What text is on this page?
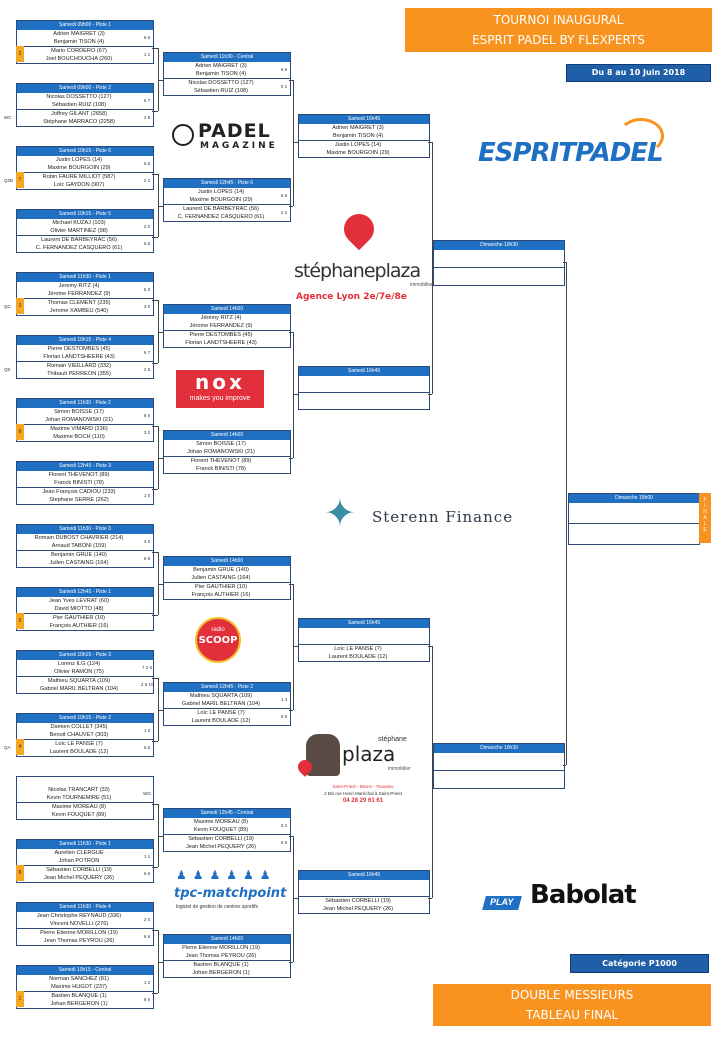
TOURNOI INAUGURAL
ESPRIT PADEL BY FLEXPERTS
Du 8 au 10 Juin 2018
Catégorie P1000
DOUBLE MESSIEURS
TABLEAU FINAL
Samedi 09h00 - Piste 1
Adrien MAIGRET (3)
Benjamin TISON (4)
6 6
Mario CORDERO (67)
Joel BOUCHOUCHA (260)
1 1
2
Samedi 09h00 - Piste 2
Nicolas DOSSETTO (127)
Sébastien RUIZ (108)
6 7
Joffrey GILANT (2658)
Stéphane MARRACO (2258)
2 5
WC
Samedi 10h15 - Piste 6
Justin LOPES (14)
Maxime BOURGOIN (29)
6 6
Robin FAURE MILLIOT (587)
Loïc GAYDON (907)
2 2
7
Q2B
Samedi 10h15 - Piste 5
Michael KUZAJ (103)
Olivier MARTINEZ (98)
2 0
Laurent DE BARBEYRAC (56)
C. FERNANDEZ CASQUERO (61)
6 6
Samedi 11h30 - Piste 1
Jeremy RITZ (4)
Jérome FERRANDEZ (9)
6 3
Thomas CLEMENT (235)
Jerome XAMBEU (540)
3 0
3
QC
Samedi 10h15 - Piste 4
Pierre DESTOMBES (45)
Florian LANDTSHEERE (43)
6 7
Romain VIEILLARD (332)
Thibault PERREON (355)
2 5
Q8
Samedi 11h30 - Piste 2
Simon BOISSE (17)
Johan ROMANOWSKI (21)
6 6
Maxime VIMARD (236)
Maxime BOCH (110)
3 2
6
Samedi 12h45 - Piste 3
Florent THEVENOT (89)
Franck BINISTI (78)
Jean François CADIOU (233)
Stephane SERRE (262)
1 0
Samedi 11h30 - Piste 3
Romain DUBOST CHAVRIER (214)
Arnaud TABONI (159)
4 2
Benjamin GRUE (140)
Julien CASTAING (164)
6 6
Samedi 12h45 - Piste 1
Jean Yves LEVRAT (60)
David MIOTTO (48)
Pier GAUTHIER (10)
François AUTHIER (16)
5
Samedi 10h15 - Piste 3
Lorenz ILG (124)
Olivier RAMON (75)
7 2 6
Mathieu SQUARTA (109)
Gabriel MARIL BELTRAN (104)
2 6 10
Samedi 10h15 - Piste 2
Damien COLLET (345)
Benoit CHAUVET (303)
1 2
Loïc LE PANSE (7)
Laurent BOULADE (12)
6 6
4
QA
Nicolas TRANCART (33)
Kevin TOURNEMIRE (51)
WO
Maxime MOREAU (8)
Kevin FOUQUET (89)
Samedi 11h30 - Piste 1
Aurelien CLERGUE
Johan POTRON
1 1
Sébastien CORBELLI (19)
Jean Michel PEQUERY (26)
6 6
8
Samedi 11h30 - Piste 4
Jean Christophe REYNAUD (336)
Vincent NOVELLI (276)
2 0
Pierre Etienne MORILLON (19)
Jean Thomas PEYROU (26)
6 6
Samedi 10h15 - Central
Norman SANCHEZ (81)
Maxime HUGOT (237)
1 2
Bastien BLANQUE (1)
Johan BERGERON (1)
6 6
1
Samedi 11h30 - Central
Adrien MAIGRET (3)
Benjamin TISON (4)
6 6
Nicolas DOSSETTO (127)
Sébastien RUIZ (108)
0 1
Samedi 12h45 - Piste 6
Justin LOPES (14)
Maxime BOURGOIN (29)
6 6
Laurent DE BARBEYRAC (56)
C. FERNANDEZ CASQUERO (61)
4 2
Samedi 14h00
Jérémy RITZ (4)
Jérome FERRANDEZ (9)
Pierre DESTOMBES (45)
Florian LANDTSHEERE (43)
Samedi 14h00
Simon BOISSE (17)
Johan ROMANOWSKI (21)
Florent THEVENOT (89)
Franck BINISTI (78)
Samedi 14h00
Benjamin GRUE (140)
Julien CASTAING (164)
Pier GAUTHIER (10)
François AUTHIER (16)
Samedi 12h45 - Piste 2
Mathieu SQUARTA (109)
Gabriel MARIL BELTRAN (104)
1 4
Loïc LE PANSE (7)
Laurent BOULADE (12)
6 6
Samedi 12h45 - Central
Maxime MOREAU (8)
Kevin FOUQUET (89)
3 2
Sébastien CORBELLI (19)
Jean Michel PEQUERY (26)
6 6
Samedi 14h00
Pierre Etienne MORILLON (19)
Jean Thomas PEYROU (26)
Bastien BLANQUE (1)
Johan BERGERON (1)
Samedi 16h45
Adrien MAIGRET (3)
Benjamin TISON (4)
Justin LOPES (14)
Maxime BOURGOIN (29)
Samedi 16h45
Samedi 16h45
Loïc LE PANSE (7)
Laurent BOULADE (12)
Samedi 16h45
Sébastien CORBELLI (19)
Jean Michel PEQUERY (26)
Dimanche 10h30
Dimanche 10h30
Dimanche 15h00	F
I
N
A
L
E
PADEL
MAGAZINE	ESPRITPADEL
stéphaneplaza
immobilier
Agence Lyon 2e/7e/8e
nox
makes you improve
✦ Sterenn Finance
radio
SCOOP
stéphane
plaza
immobilier
Saint-Priest - Mions - Toussieu
2 Bis rue Henri Maréchal à Saint-Priest
04 28 29 61 61
♟♟♟♟♟♟
tpc-matchpoint
logiciel de gestion de centres sportifs	PLAY Babolat
